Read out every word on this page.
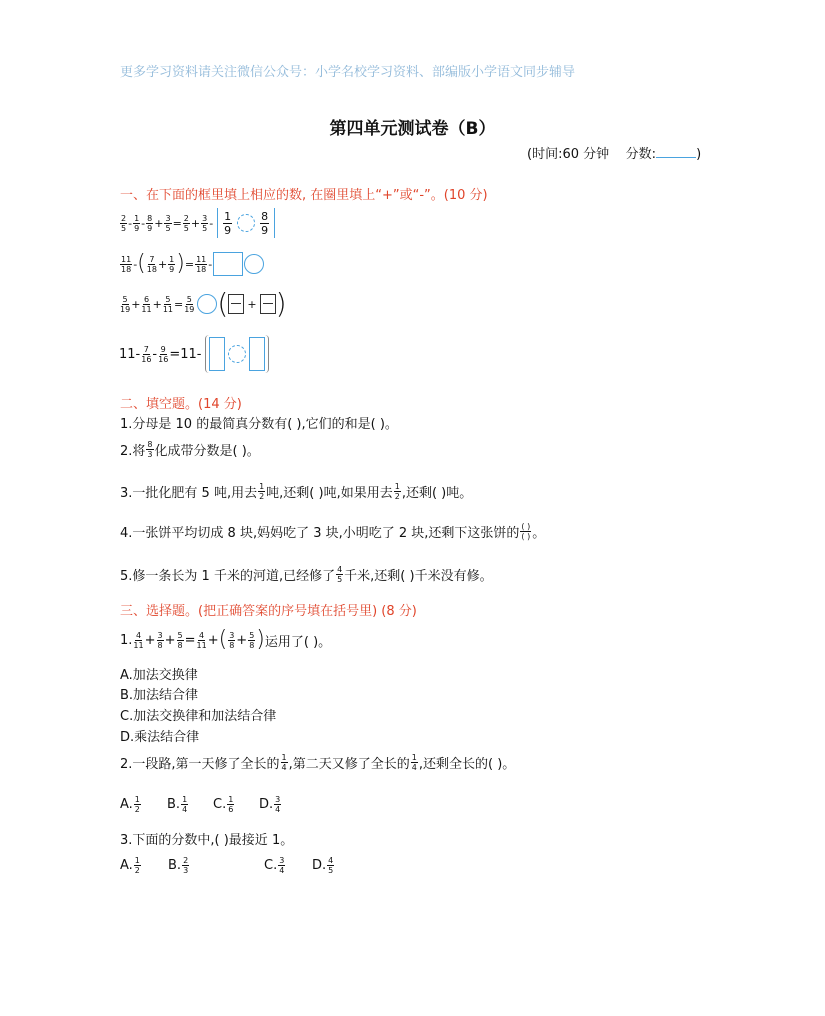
更多学习资料请关注微信公众号：小学名校学习资料、部编版小学语文同步辅导
第四单元测试卷（B）
(时间:60 分钟 分数:	)
一、在下面的框里填上相应的数, 在圈里填上“+”或“-”。(10 分)
$\frac{2}{5} - \frac{1}{9} - \frac{8}{9} + \frac{3}{5} = \frac{2}{5} + \frac{3}{5} - \frac{1}{9}$	$\frac{8}{9}$
$\frac{11}{18}$ - ( $\frac{7}{18} + \frac{1}{9}$ ) = $\frac{11}{18}$ -
$\frac{5}{19} + \frac{6}{11} + \frac{5}{11} = \frac{5}{19}$ ( + )
$11- \frac{7}{16} - \frac{9}{16} =11-$
二、填空题。(14 分)
1.分母是 10 的最简真分数有( ),它们的和是( )。
2.将 $\frac{8}{3}$ 化成带分数是( )。
3.一批化肥有 5 吨,用去 $\frac{1}{2}$ 吨,还剩( )吨,如果用去 $\frac{1}{2}$ ,还剩( )吨。
4.一张饼平均切成 8 块,妈妈吃了 3 块,小明吃了 2 块,还剩下这张饼的 $\frac{( )}{( )}$ 。
5.修一条长为 1 千米的河道,已经修了 $\frac{4}{5}$ 千米,还剩( )千米没有修。
三、选择题。(把正确答案的序号填在括号里) (8 分)
1. $\frac{4}{11} + \frac{3}{8} + \frac{5}{8} = \frac{4}{11}$ + ( $\frac{3}{8} + \frac{5}{8}$ ) 运用了( )。
A.加法交换律
B.加法结合律
C.加法交换律和加法结合律
D.乘法结合律
2.一段路,第一天修了全长的 $\frac{1}{4}$ ,第二天又修了全长的 $\frac{1}{4}$ ,还剩全长的( )。
A. $\frac{1}{2} B$. $\frac{1}{4} C$. $\frac{1}{6} D$. $\frac{3}{4}$
3.下面的分数中,( )最接近 1。
A. $\frac{1}{2} B$. $\frac{2}{3}$	C. $\frac{3}{4} D$. $\frac{4}{5}$
